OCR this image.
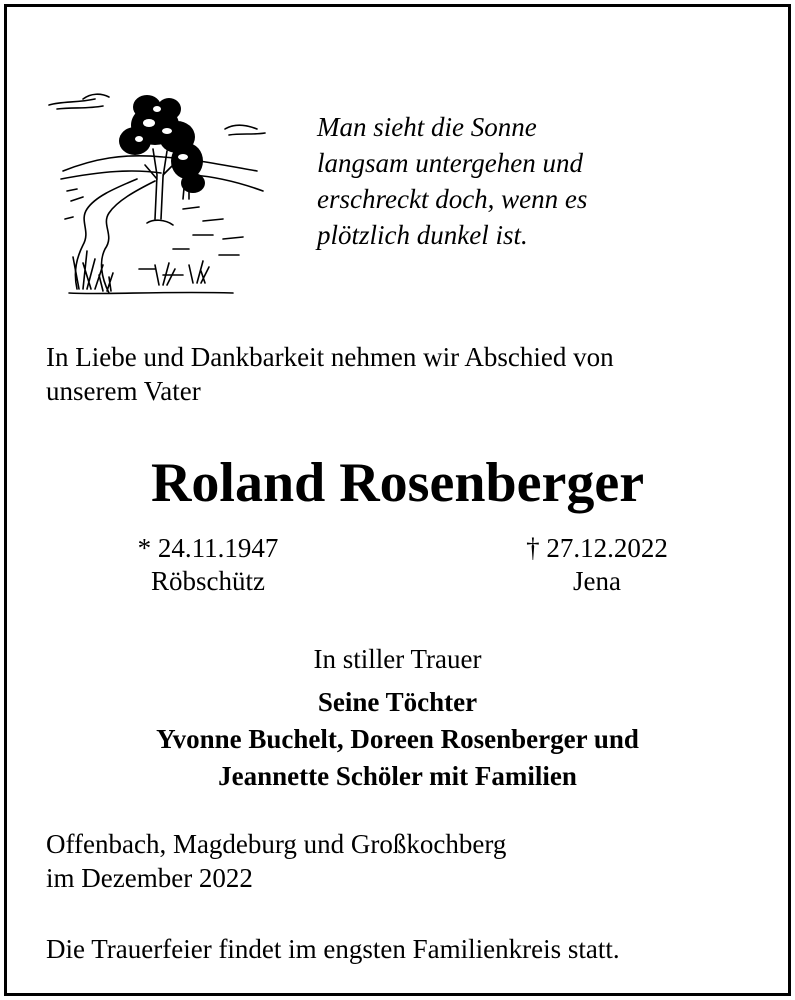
Man sieht die Sonne
langsam untergehen und
erschreckt doch, wenn es
plötzlich dunkel ist.
In Liebe und Dankbarkeit nehmen wir Abschied von
unserem Vater
Roland Rosenberger
* 24.11.1947
Röbschütz
† 27.12.2022
Jena
In stiller Trauer
Seine Töchter
Yvonne Buchelt, Doreen Rosenberger und
Jeannette Schöler mit Familien
Offenbach, Magdeburg und Großkochberg
im Dezember 2022
Die Trauerfeier findet im engsten Familienkreis statt.
